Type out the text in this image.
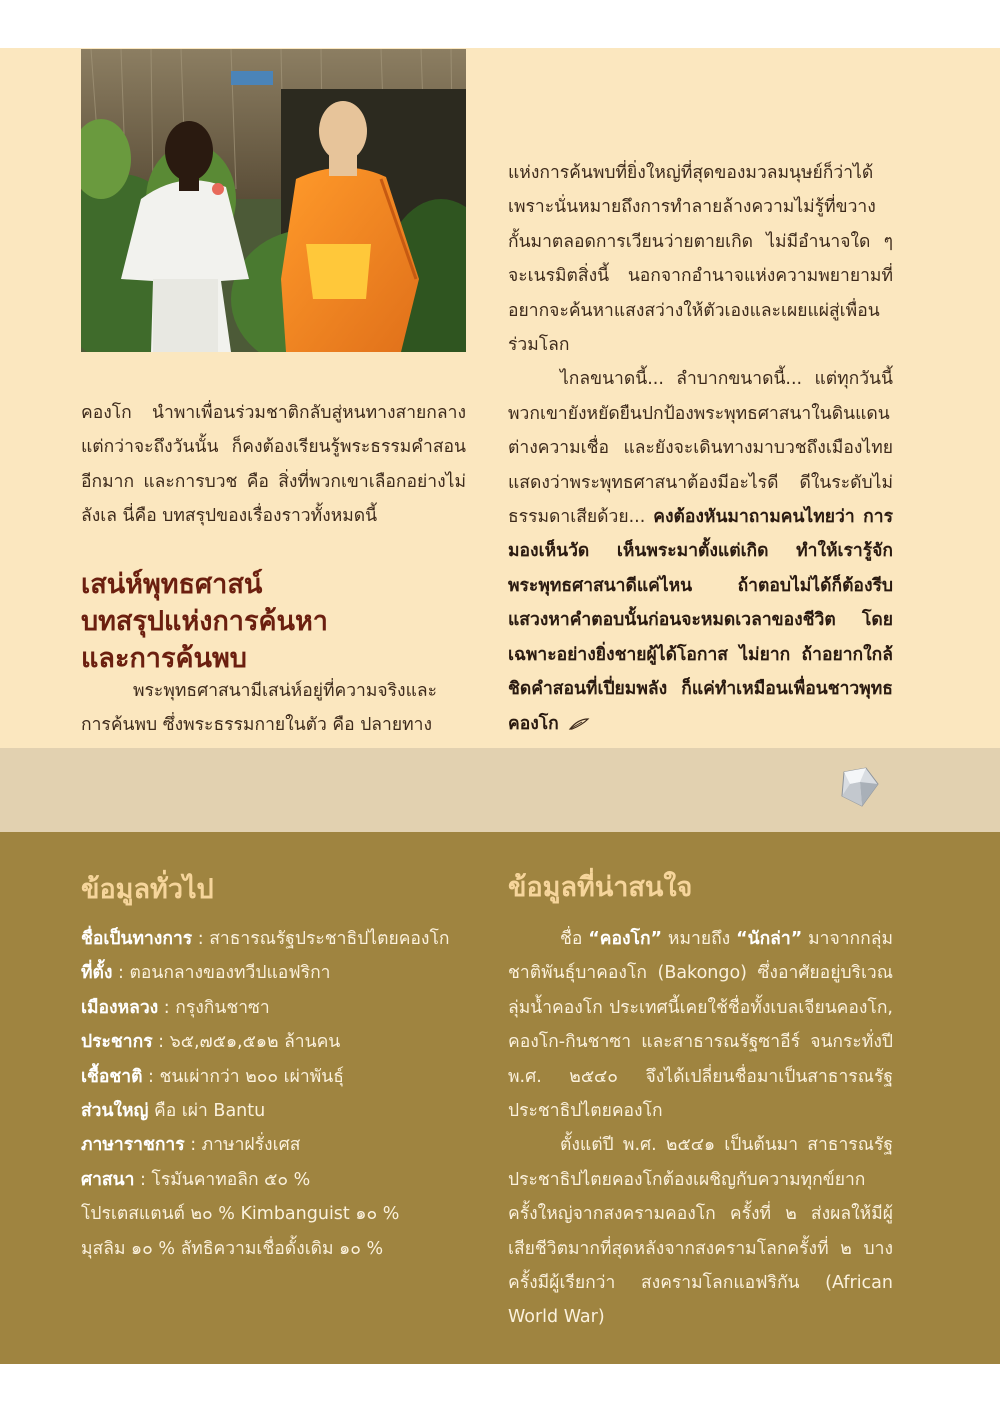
คองโก นำพาเพื่อนร่วมชาติกลับสู่หนทางสายกลาง แต่กว่าจะถึงวันนั้น ก็คงต้องเรียนรู้พระธรรมคำสอนอีกมาก และการบวช คือ สิ่งที่พวกเขาเลือกอย่างไม่ลังเล นี่คือ บทสรุปของเรื่องราวทั้งหมดนี้

เสน่ห์พุทธศาสน์
บทสรุปแห่งการค้นหา
และการค้นพบ

พระพุทธศาสนามีเสน่ห์อยู่ที่ความจริงและการค้นพบ ซึ่งพระธรรมกายในตัว คือ ปลายทาง

แห่งการค้นพบที่ยิ่งใหญ่ที่สุดของมวลมนุษย์ก็ว่าได้ เพราะนั่นหมายถึงการทำลายล้างความไม่รู้ที่ขวางกั้นมาตลอดการเวียนว่ายตายเกิด ไม่มีอำนาจใด ๆ จะเนรมิตสิ่งนี้ นอกจากอำนาจแห่งความพยายามที่อยากจะค้นหาแสงสว่างให้ตัวเองและเผยแผ่สู่เพื่อนร่วมโลก

ไกลขนาดนี้... ลำบากขนาดนี้... แต่ทุกวันนี้พวกเขายังหยัดยืนปกป้องพระพุทธศาสนาในดินแดนต่างความเชื่อ และยังจะเดินทางมาบวชถึงเมืองไทย แสดงว่าพระพุทธศาสนาต้องมีอะไรดี ดีในระดับไม่ธรรมดาเสียด้วย... คงต้องหันมาถามคนไทยว่า การมองเห็นวัด เห็นพระมาตั้งแต่เกิด ทำให้เรารู้จักพระพุทธศาสนาดีแค่ไหน ถ้าตอบไม่ได้ก็ต้องรีบแสวงหาคำตอบนั้นก่อนจะหมดเวลาของชีวิต โดยเฉพาะอย่างยิ่งชายผู้ได้โอกาส ไม่ยาก ถ้าอยากใกล้ชิดคำสอนที่เปี่ยมพลัง ก็แค่ทำเหมือนเพื่อนชาวพุทธคองโก

ข้อมูลทั่วไป

ชื่อเป็นทางการ : สาธารณรัฐประชาธิปไตยคองโก

ที่ตั้ง : ตอนกลางของทวีปแอฟริกา

เมืองหลวง : กรุงกินชาซา

ประชากร : ๖๕,๗๕๑,๕๑๒ ล้านคน

เชื้อชาติ : ชนเผ่ากว่า ๒๐๐ เผ่าพันธุ์

ส่วนใหญ่ คือ เผ่า Bantu

ภาษาราชการ : ภาษาฝรั่งเศส

ศาสนา : โรมันคาทอลิก ๕๐ %

โปรเตสแตนต์ ๒๐ % Kimbanguist ๑๐ %

มุสลิม ๑๐ % ลัทธิความเชื่อดั้งเดิม ๑๐ %

ข้อมูลที่น่าสนใจ

ชื่อ “คองโก” หมายถึง “นักล่า” มาจากกลุ่มชาติพันธุ์บาคองโก (Bakongo) ซึ่งอาศัยอยู่บริเวณลุ่มน้ำคองโก ประเทศนี้เคยใช้ชื่อทั้งเบลเจียนคองโก, คองโก-กินชาซา และสาธารณรัฐซาอีร์ จนกระทั่งปี พ.ศ. ๒๕๔๐ จึงได้เปลี่ยนชื่อมาเป็นสาธารณรัฐประชาธิปไตยคองโก

ตั้งแต่ปี พ.ศ. ๒๕๔๑ เป็นต้นมา สาธารณรัฐประชาธิปไตยคองโกต้องเผชิญกับความทุกข์ยากครั้งใหญ่จากสงครามคองโก ครั้งที่ ๒ ส่งผลให้มีผู้เสียชีวิตมากที่สุดหลังจากสงครามโลกครั้งที่ ๒ บางครั้งมีผู้เรียกว่า สงครามโลกแอฟริกัน (African World War)
